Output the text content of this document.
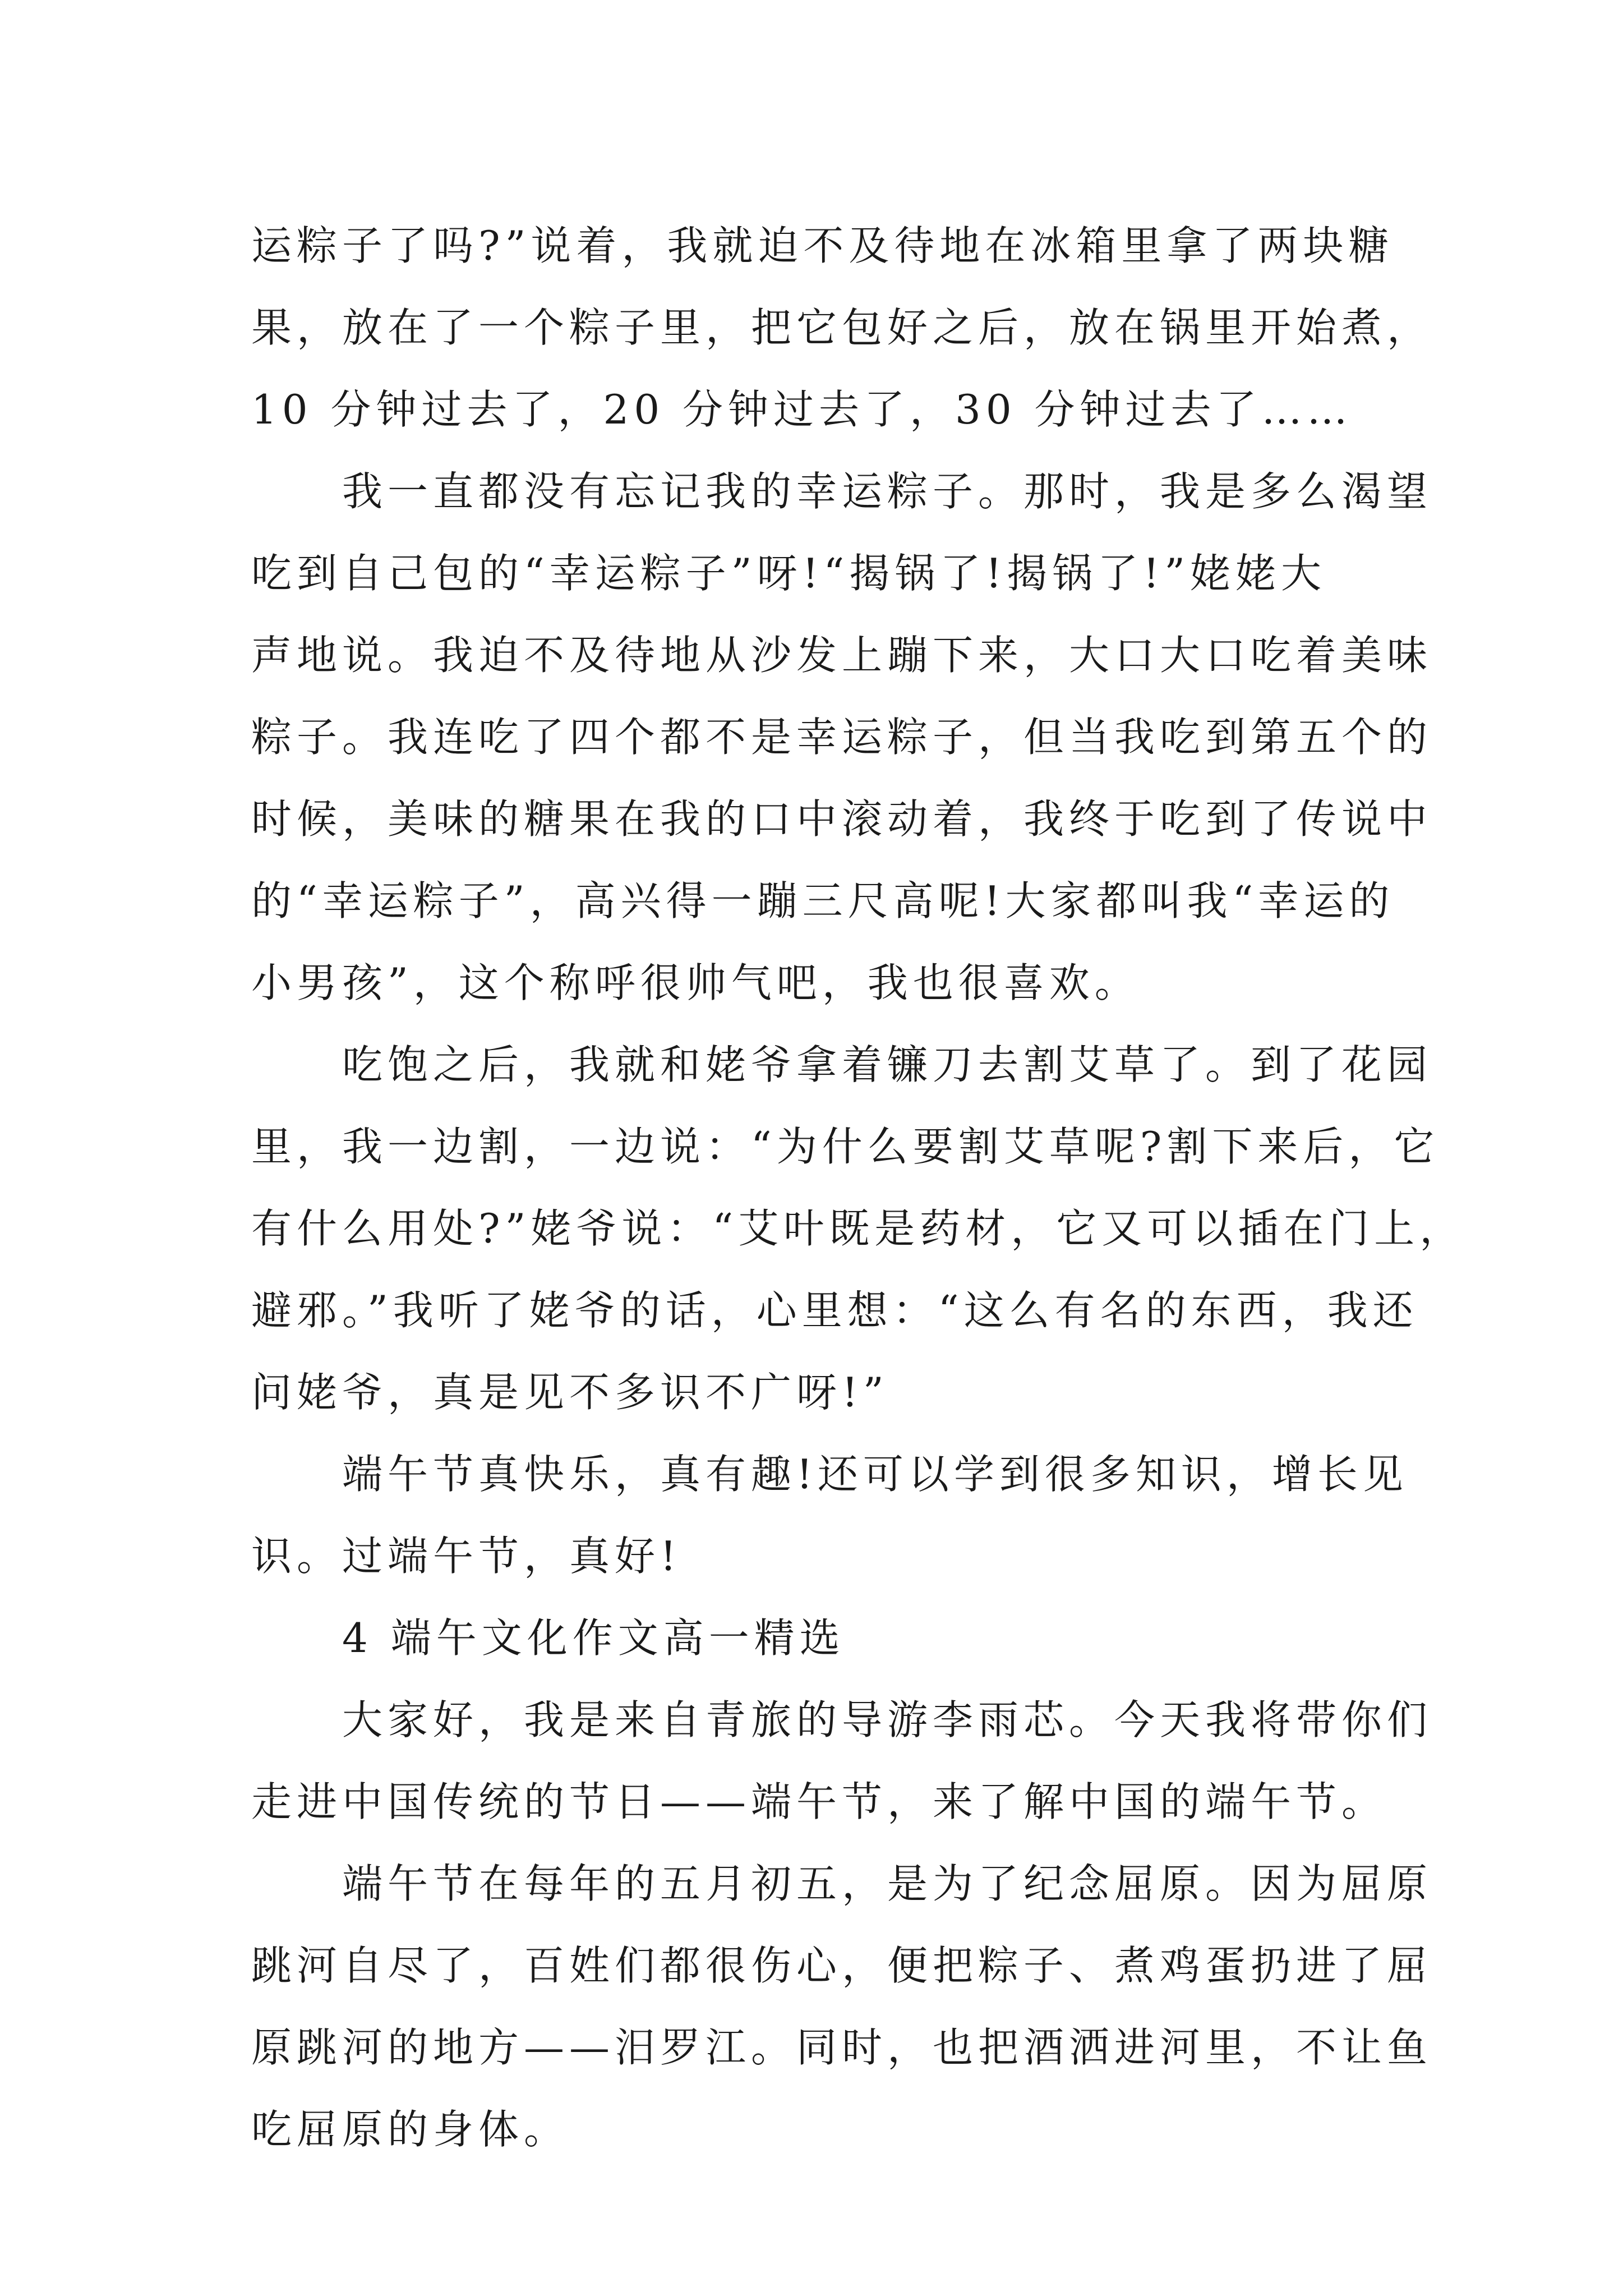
运粽子了吗?”说着，我就迫不及待地在冰箱里拿了两块糖
果，放在了一个粽子里，把它包好之后，放在锅里开始煮，
10 分钟过去了，20 分钟过去了，30 分钟过去了……

我一直都没有忘记我的幸运粽子。那时，我是多么渴望
吃到自己包的“幸运粽子”呀!“揭锅了!揭锅了!”姥姥大
声地说。我迫不及待地从沙发上蹦下来，大口大口吃着美味
粽子。我连吃了四个都不是幸运粽子，但当我吃到第五个的
时候，美味的糖果在我的口中滚动着，我终于吃到了传说中
的“幸运粽子”，高兴得一蹦三尺高呢!大家都叫我“幸运的
小男孩”，这个称呼很帅气吧，我也很喜欢。

吃饱之后，我就和姥爷拿着镰刀去割艾草了。到了花园
里，我一边割，一边说：“为什么要割艾草呢?割下来后，它
有什么用处?”姥爷说：“艾叶既是药材，它又可以插在门上，
避邪。”我听了姥爷的话，心里想：“这么有名的东西，我还
问姥爷，真是见不多识不广呀!”

端午节真快乐，真有趣!还可以学到很多知识，增长见
识。过端午节，真好!

4 端午文化作文高一精选

大家好，我是来自青旅的导游李雨芯。今天我将带你们
走进中国传统的节日——端午节，来了解中国的端午节。

端午节在每年的五月初五，是为了纪念屈原。因为屈原
跳河自尽了，百姓们都很伤心，便把粽子、煮鸡蛋扔进了屈
原跳河的地方——汨罗江。同时，也把酒洒进河里，不让鱼
吃屈原的身体。
